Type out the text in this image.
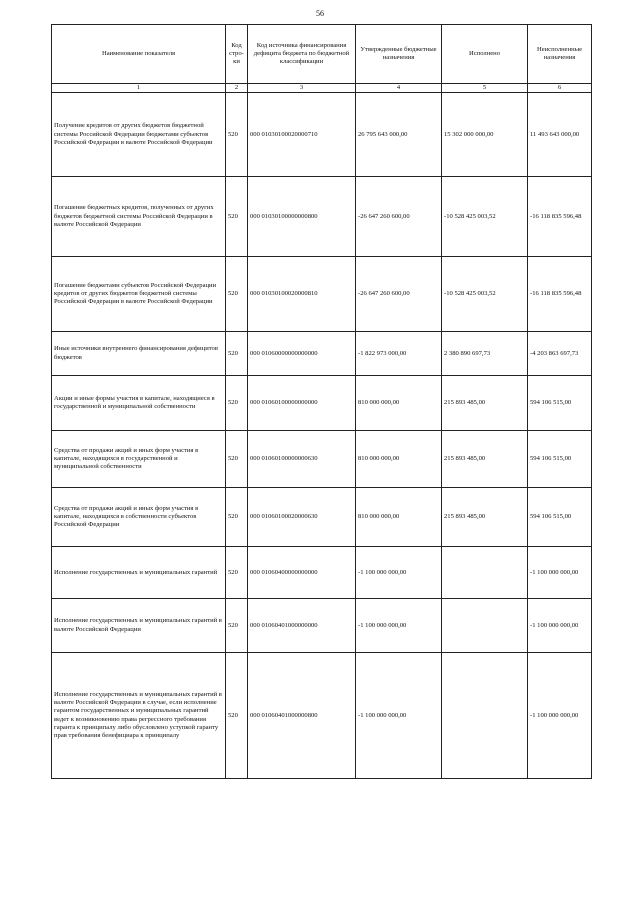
56
Наименование показателя	Код стро-ки	Код источника финансирования дефицита бюджета по бюджетной классификации	Утвержденные бюджетные назначения	Исполнено	Неисполненные назначения
1	2	3	4	5	6
Получение кредитов от других бюджетов бюджетной системы Российской Федерации бюджетами субъектов Российской Федерации в валюте Российской Федерации	520	000 01030100020000710	26 795 643 000,00	15 302 000 000,00	11 493 643 000,00
Погашение бюджетных кредитов, полученных от других бюджетов бюджетной системы Российской Федерации в валюте Российской Федерации	520	000 01030100000000800	-26 647 260 600,00	-10 528 425 003,52	-16 118 835 596,48
Погашение бюджетами субъектов Российской Федерации кредитов от других бюджетов бюджетной системы Российской Федерации в валюте Российской Федерации	520	000 01030100020000810	-26 647 260 600,00	-10 528 425 003,52	-16 118 835 596,48
Иные источники внутреннего финансирования дефицитов бюджетов	520	000 01060000000000000	-1 822 973 000,00	2 380 890 697,73	-4 203 863 697,73
Акции и иные формы участия в капитале, находящиеся в государственной и муниципальной собственности	520	000 01060100000000000	810 000 000,00	215 893 485,00	594 106 515,00
Средства от продажи акций и иных форм участия в капитале, находящихся в государственной и муниципальной собственности	520	000 01060100000000630	810 000 000,00	215 893 485,00	594 106 515,00
Средства от продажи акций и иных форм участия в капитале, находящихся в собственности субъектов Российской Федерации	520	000 01060100020000630	810 000 000,00	215 893 485,00	594 106 515,00
Исполнение государственных и муниципальных гарантий	520	000 01060400000000000	-1 100 000 000,00		-1 100 000 000,00
Исполнение государственных и муниципальных гарантий в валюте Российской Федерации	520	000 01060401000000000	-1 100 000 000,00		-1 100 000 000,00
Исполнение государственных и муниципальных гарантий в валюте Российской Федерации в случае, если исполнение гарантом государственных и муниципальных гарантий ведет к возникновению права регрессного требования гаранта к принципалу либо обусловлено уступкой гаранту прав требования бенефициара к принципалу	520	000 01060401000000800	-1 100 000 000,00		-1 100 000 000,00
